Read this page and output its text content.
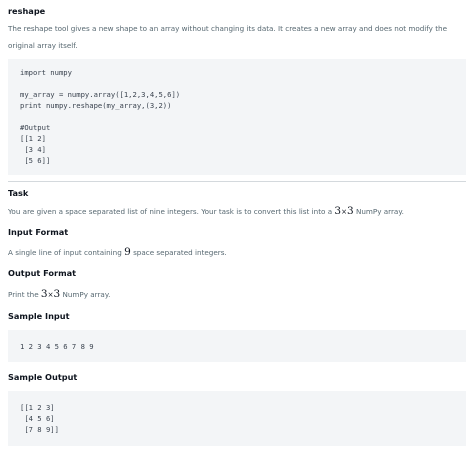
reshape
The reshape tool gives a new shape to an array without changing its data. It creates a new array and does not modify the original array itself.
import numpy
my_array = numpy.array([1,2,3,4,5,6])
print numpy.reshape(my_array,(3,2))
#Output
[[1 2]
[3 4]
[5 6]]
Task
You are given a space separated list of nine integers. Your task is to convert this list into a 3×3 NumPy array.
Input Format
A single line of input containing 9 space separated integers.
Output Format
Print the 3×3 NumPy array.
Sample Input
1 2 3 4 5 6 7 8 9
Sample Output
[[1 2 3]
[4 5 6]
[7 8 9]]
